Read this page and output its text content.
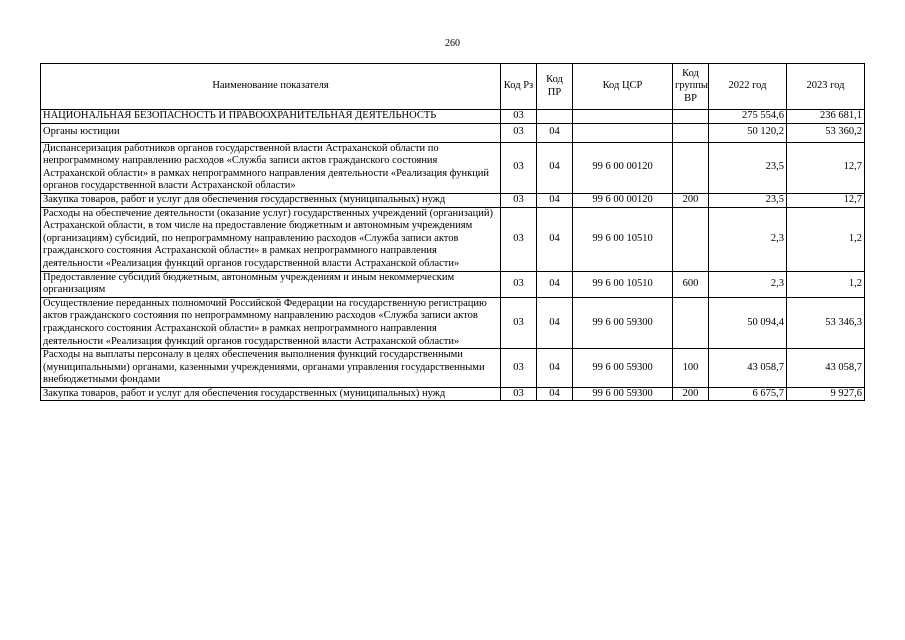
260
Наименование показателя	Код Рз	Код ПР	Код ЦСР	Код группы ВР	2022 год	2023 год
НАЦИОНАЛЬНАЯ БЕЗОПАСНОСТЬ И ПРАВООХРАНИТЕЛЬНАЯ ДЕЯТЕЛЬНОСТЬ	03				275 554,6	236 681,1
Органы юстиции	03	04			50 120,2	53 360,2
Диспансеризация работников органов государственной власти Астраханской области по непрограммному направлению расходов «Служба записи актов гражданского состояния Астраханской области» в рамках непрограммного направления деятельности «Реализация функций органов государственной власти Астраханской области»	03	04	99 6 00 00120		23,5	12,7
Закупка товаров, работ и услуг для обеспечения государственных (муниципальных) нужд	03	04	99 6 00 00120	200	23,5	12,7
Расходы на обеспечение деятельности (оказание услуг) государственных учреждений (организаций) Астраханской области, в том числе на предоставление бюджетным и автономным учреждениям (организациям) субсидий, по непрограммному направлению расходов «Служба записи актов гражданского состояния Астраханской области» в рамках непрограммного направления деятельности «Реализация функций органов государственной власти Астраханской области»	03	04	99 6 00 10510		2,3	1,2
Предоставление субсидий бюджетным, автономным учреждениям и иным некоммерческим организациям	03	04	99 6 00 10510	600	2,3	1,2
Осуществление переданных полномочий Российской Федерации на государственную регистрацию актов гражданского состояния по непрограммному направлению расходов «Служба записи актов гражданского состояния Астраханской области» в рамках непрограммного направления деятельности «Реализация функций органов государственной власти Астраханской области»	03	04	99 6 00 59300		50 094,4	53 346,3
Расходы на выплаты персоналу в целях обеспечения выполнения функций государственными (муниципальными) органами, казенными учреждениями, органами управления государственными внебюджетными фондами	03	04	99 6 00 59300	100	43 058,7	43 058,7
Закупка товаров, работ и услуг для обеспечения государственных (муниципальных) нужд	03	04	99 6 00 59300	200	6 675,7	9 927,6
